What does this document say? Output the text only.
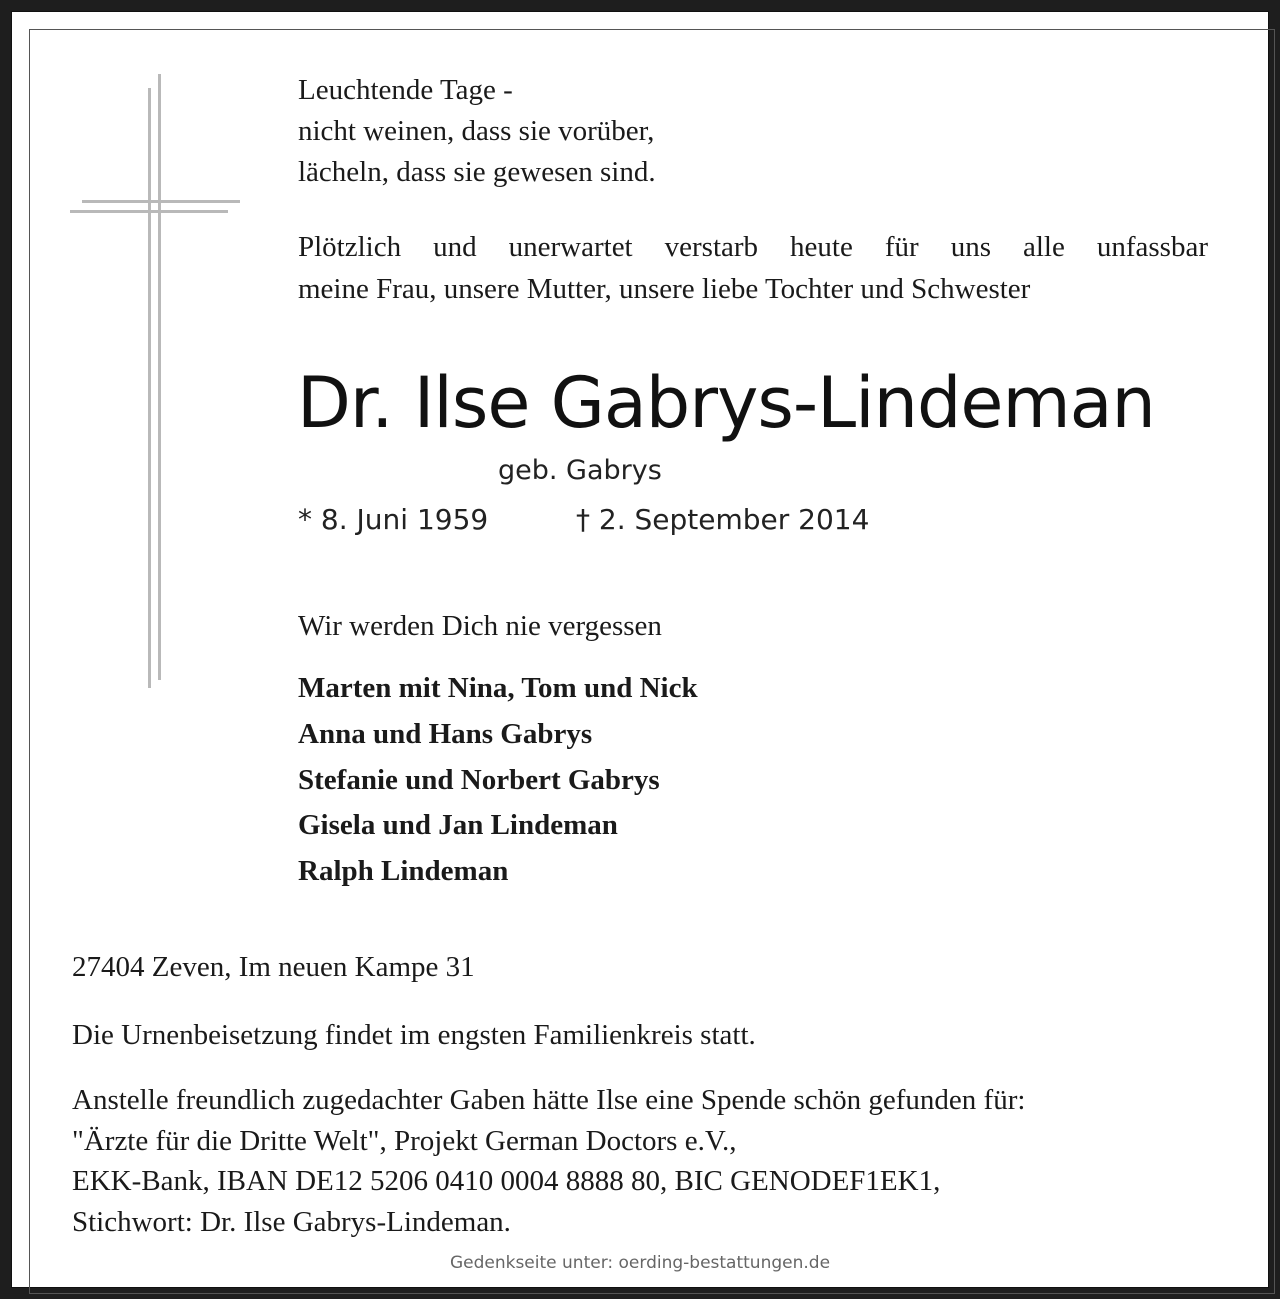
Leuchtende Tage -
nicht weinen, dass sie vorüber,
lächeln, dass sie gewesen sind.
Plötzlich und unerwartet verstarb heute für uns alle unfassbar
meine Frau, unsere Mutter, unsere liebe Tochter und Schwester
Dr. Ilse Gabrys-Lindeman
geb. Gabrys
* 8. Juni 1959	† 2. September 2014
Wir werden Dich nie vergessen
Marten mit Nina, Tom und Nick
Anna und Hans Gabrys
Stefanie und Norbert Gabrys
Gisela und Jan Lindeman
Ralph Lindeman
27404 Zeven, Im neuen Kampe 31
Die Urnenbeisetzung findet im engsten Familienkreis statt.
Anstelle freundlich zugedachter Gaben hätte Ilse eine Spende schön gefunden für:
"Ärzte für die Dritte Welt", Projekt German Doctors e.V.,
EKK-Bank, IBAN DE12 5206 0410 0004 8888 80, BIC GENODEF1EK1,
Stichwort: Dr. Ilse Gabrys-Lindeman.
Gedenkseite unter: oerding-bestattungen.de
